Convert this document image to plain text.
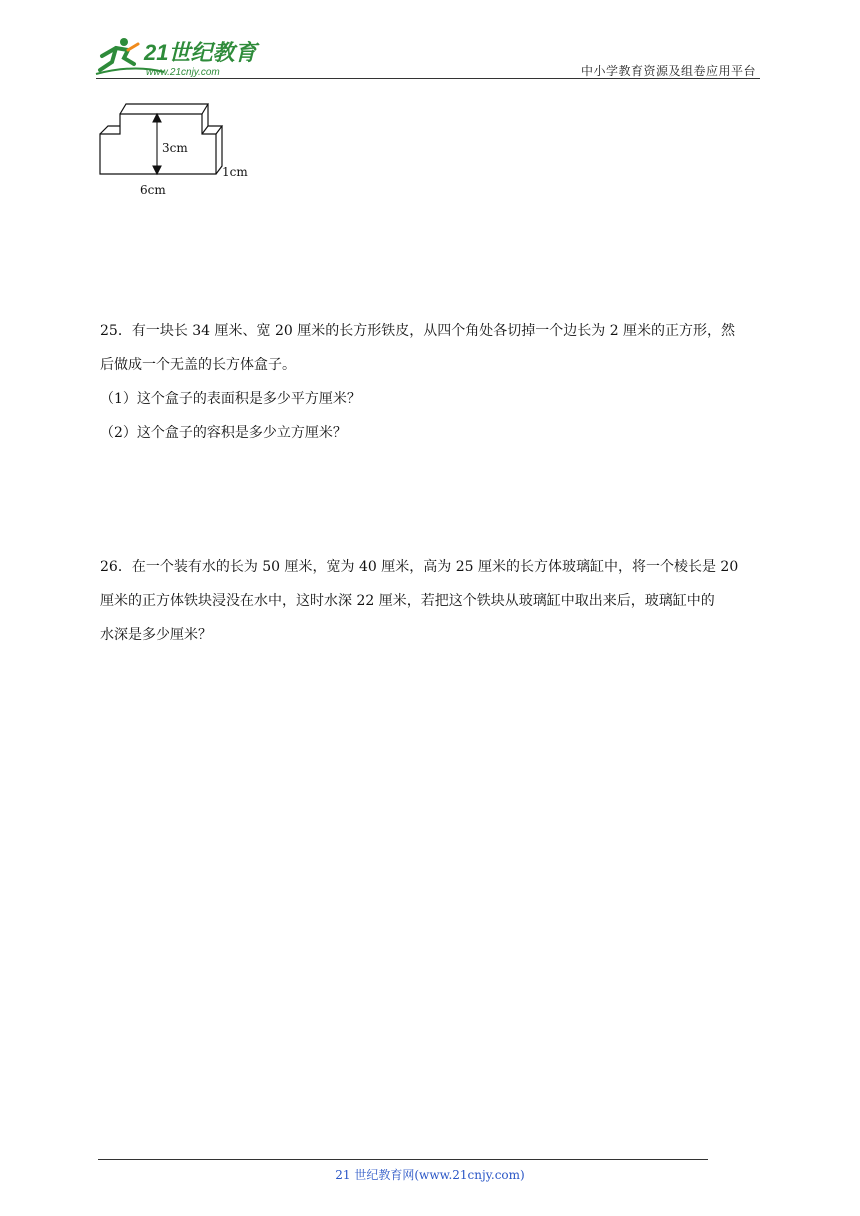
21世纪教育
www.21cnjy.com	中小学教育资源及组卷应用平台
3cm
1cm
6cm

25．有一块长 34 厘米、宽 20 厘米的长方形铁皮，从四个角处各切掉一个边长为 2 厘米的正方形，然

后做成一个无盖的长方体盒子。

（1）这个盒子的表面积是多少平方厘米？

（2）这个盒子的容积是多少立方厘米？

26．在一个装有水的长为 50 厘米，宽为 40 厘米，高为 25 厘米的长方体玻璃缸中，将一个棱长是 20

厘米的正方体铁块浸没在水中，这时水深 22 厘米，若把这个铁块从玻璃缸中取出来后，玻璃缸中的

水深是多少厘米？

21 世纪教育网(www.21cnjy.com)
